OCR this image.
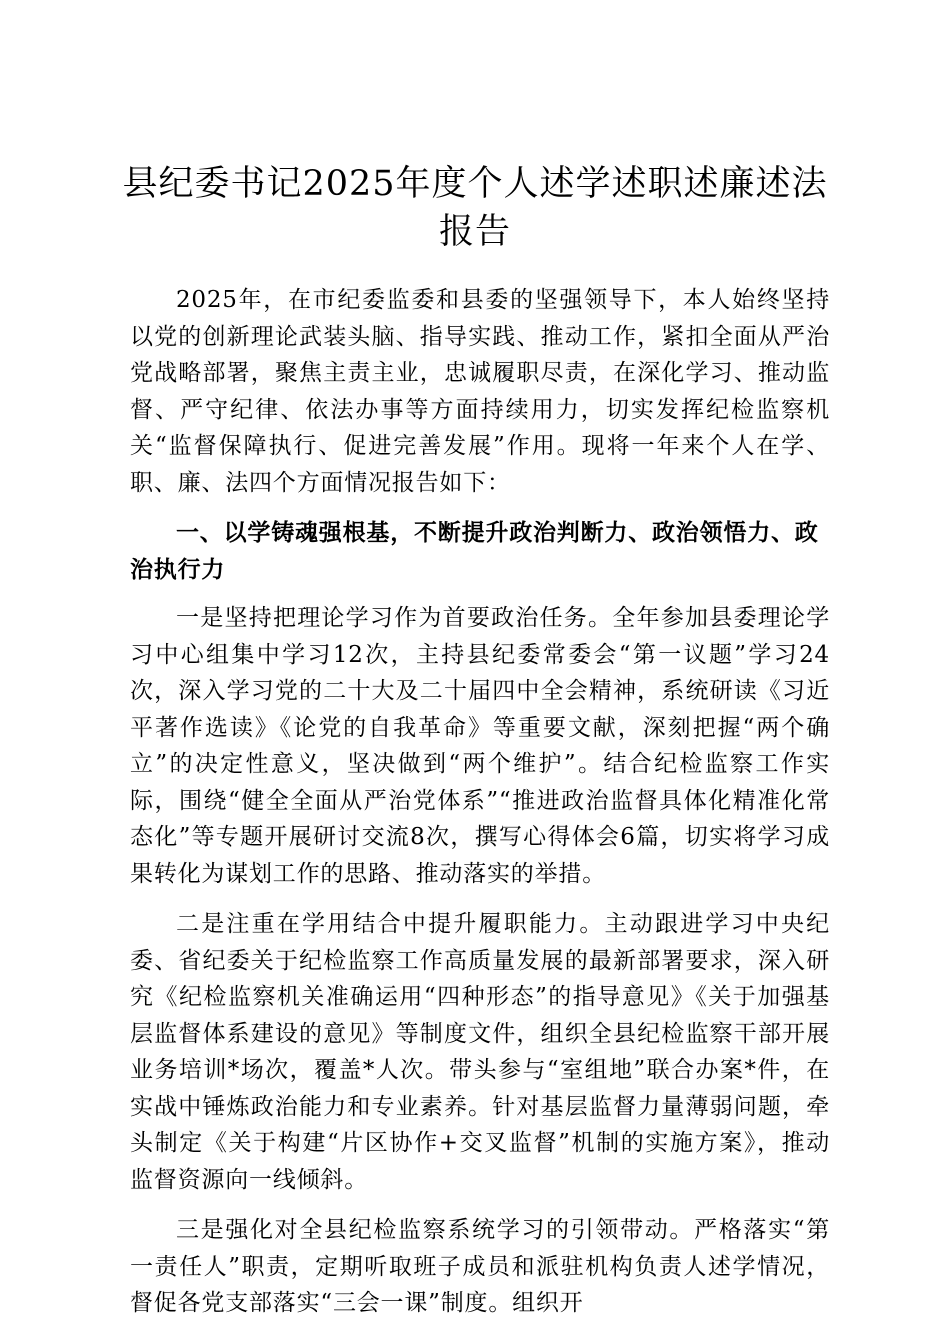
县纪委书记2025年度个人述学述职述廉述法报告

2025年，在市纪委监委和县委的坚强领导下，本人始终坚持以党的创新理论武装头脑、指导实践、推动工作，紧扣全面从严治党战略部署，聚焦主责主业，忠诚履职尽责，在深化学习、推动监督、严守纪律、依法办事等方面持续用力，切实发挥纪检监察机关“监督保障执行、促进完善发展”作用。现将一年来个人在学、职、廉、法四个方面情况报告如下：

一、以学铸魂强根基，不断提升政治判断力、政治领悟力、政治执行力

一是坚持把理论学习作为首要政治任务。全年参加县委理论学习中心组集中学习12次，主持县纪委常委会“第一议题”学习24次，深入学习党的二十大及二十届四中全会精神，系统研读《习近平著作选读》《论党的自我革命》等重要文献，深刻把握“两个确立”的决定性意义，坚决做到“两个维护”。结合纪检监察工作实际，围绕“健全全面从严治党体系”“推进政治监督具体化精准化常态化”等专题开展研讨交流8次，撰写心得体会6篇，切实将学习成果转化为谋划工作的思路、推动落实的举措。

二是注重在学用结合中提升履职能力。主动跟进学习中央纪委、省纪委关于纪检监察工作高质量发展的最新部署要求，深入研究《纪检监察机关准确运用“四种形态”的指导意见》《关于加强基层监督体系建设的意见》等制度文件，组织全县纪检监察干部开展业务培训*场次，覆盖*人次。带头参与“室组地”联合办案*件，在实战中锤炼政治能力和专业素养。针对基层监督力量薄弱问题，牵头制定《关于构建“片区协作+交叉监督”机制的实施方案》，推动监督资源向一线倾斜。

三是强化对全县纪检监察系统学习的引领带动。严格落实“第一责任人”职责，定期听取班子成员和派驻机构负责人述学情况，督促各党支部落实“三会一课”制度。组织开
